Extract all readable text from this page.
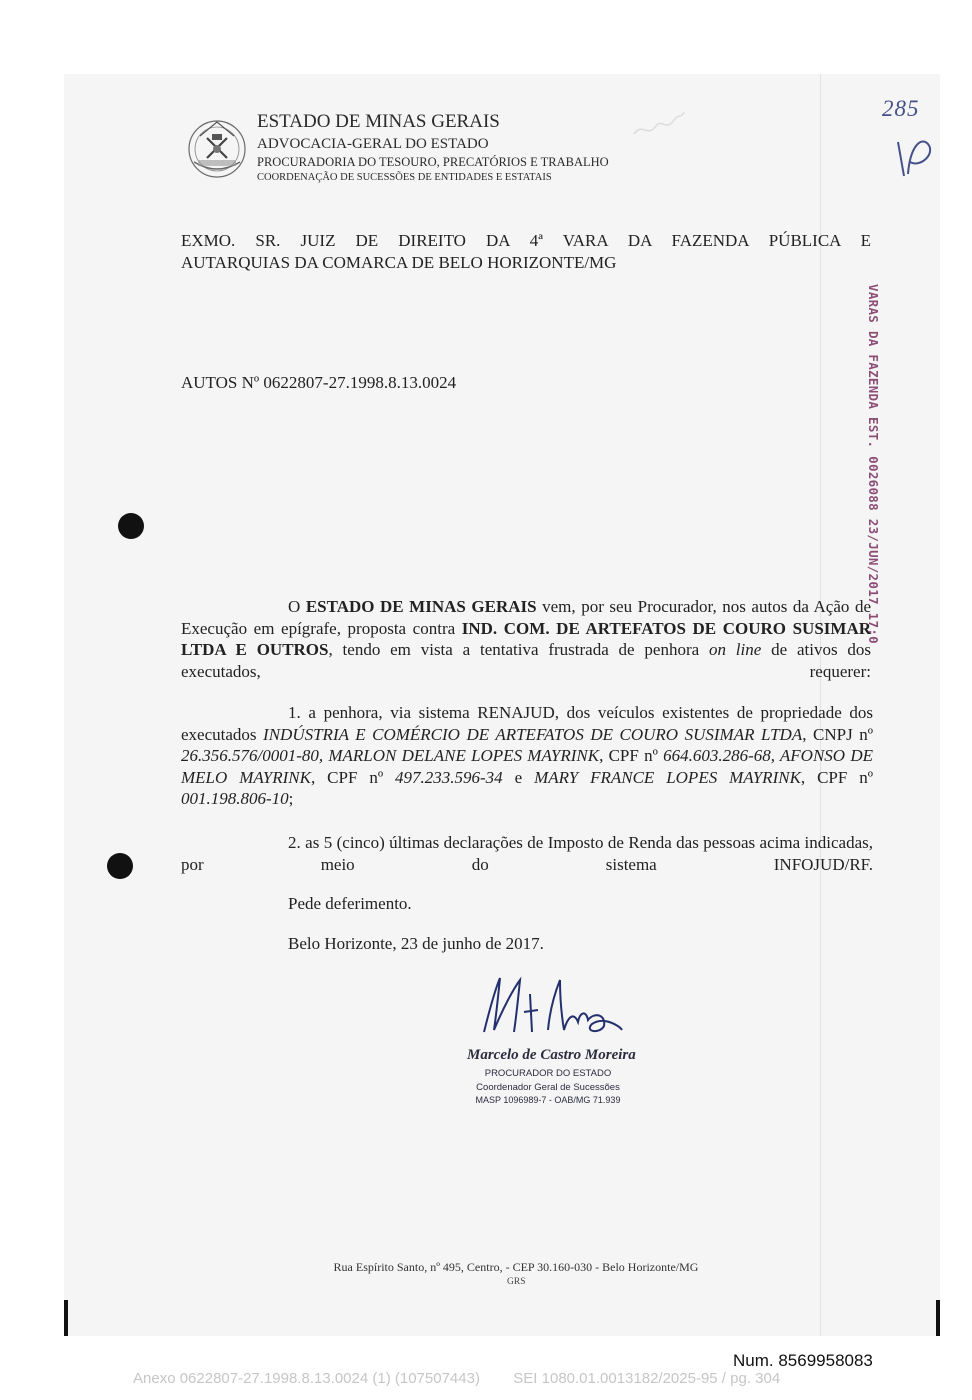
ESTADO DE MINAS GERAIS
ADVOCACIA-GERAL DO ESTADO
PROCURADORIA DO TESOURO, PRECATÓRIOS E TRABALHO
COORDENAÇÃO DE SUCESSÕES DE ENTIDADES E ESTATAIS
285
VARAS DA FAZENDA EST. 0026088 23/JUN/2017 17:0
EXMO. SR. JUIZ DE DIREITO DA 4ª VARA DA FAZENDA PÚBLICA E
AUTARQUIAS DA COMARCA DE BELO HORIZONTE/MG
AUTOS Nº 0622807-27.1998.8.13.0024
O ESTADO DE MINAS GERAIS vem, por seu Procurador, nos autos da Ação de Execução em epígrafe, proposta contra IND. COM. DE ARTEFATOS DE COURO SUSIMAR LTDA E OUTROS, tendo em vista a tentativa frustrada de penhora on line de ativos dos executados, requerer:
1. a penhora, via sistema RENAJUD, dos veículos existentes de propriedade dos executados INDÚSTRIA E COMÉRCIO DE ARTEFATOS DE COURO SUSIMAR LTDA, CNPJ nº 26.356.576/0001-80, MARLON DELANE LOPES MAYRINK, CPF nº 664.603.286-68, AFONSO DE MELO MAYRINK, CPF nº 497.233.596-34 e MARY FRANCE LOPES MAYRINK, CPF nº 001.198.806-10;
2. as 5 (cinco) últimas declarações de Imposto de Renda das pessoas acima indicadas, por meio do sistema INFOJUD/RF.
Pede deferimento.
Belo Horizonte, 23 de junho de 2017.
Marcelo de Castro Moreira
PROCURADOR DO ESTADO
Coordenador Geral de Sucessões
MASP 1096989-7 - OAB/MG 71.939
Rua Espírito Santo, nº 495, Centro, - CEP 30.160-030 - Belo Horizonte/MG
GRS
Num. 8569958083
Anexo 0622807-27.1998.8.13.0024 (1) (107507443)        SEI 1080.01.0013182/2025-95 / pg. 304
